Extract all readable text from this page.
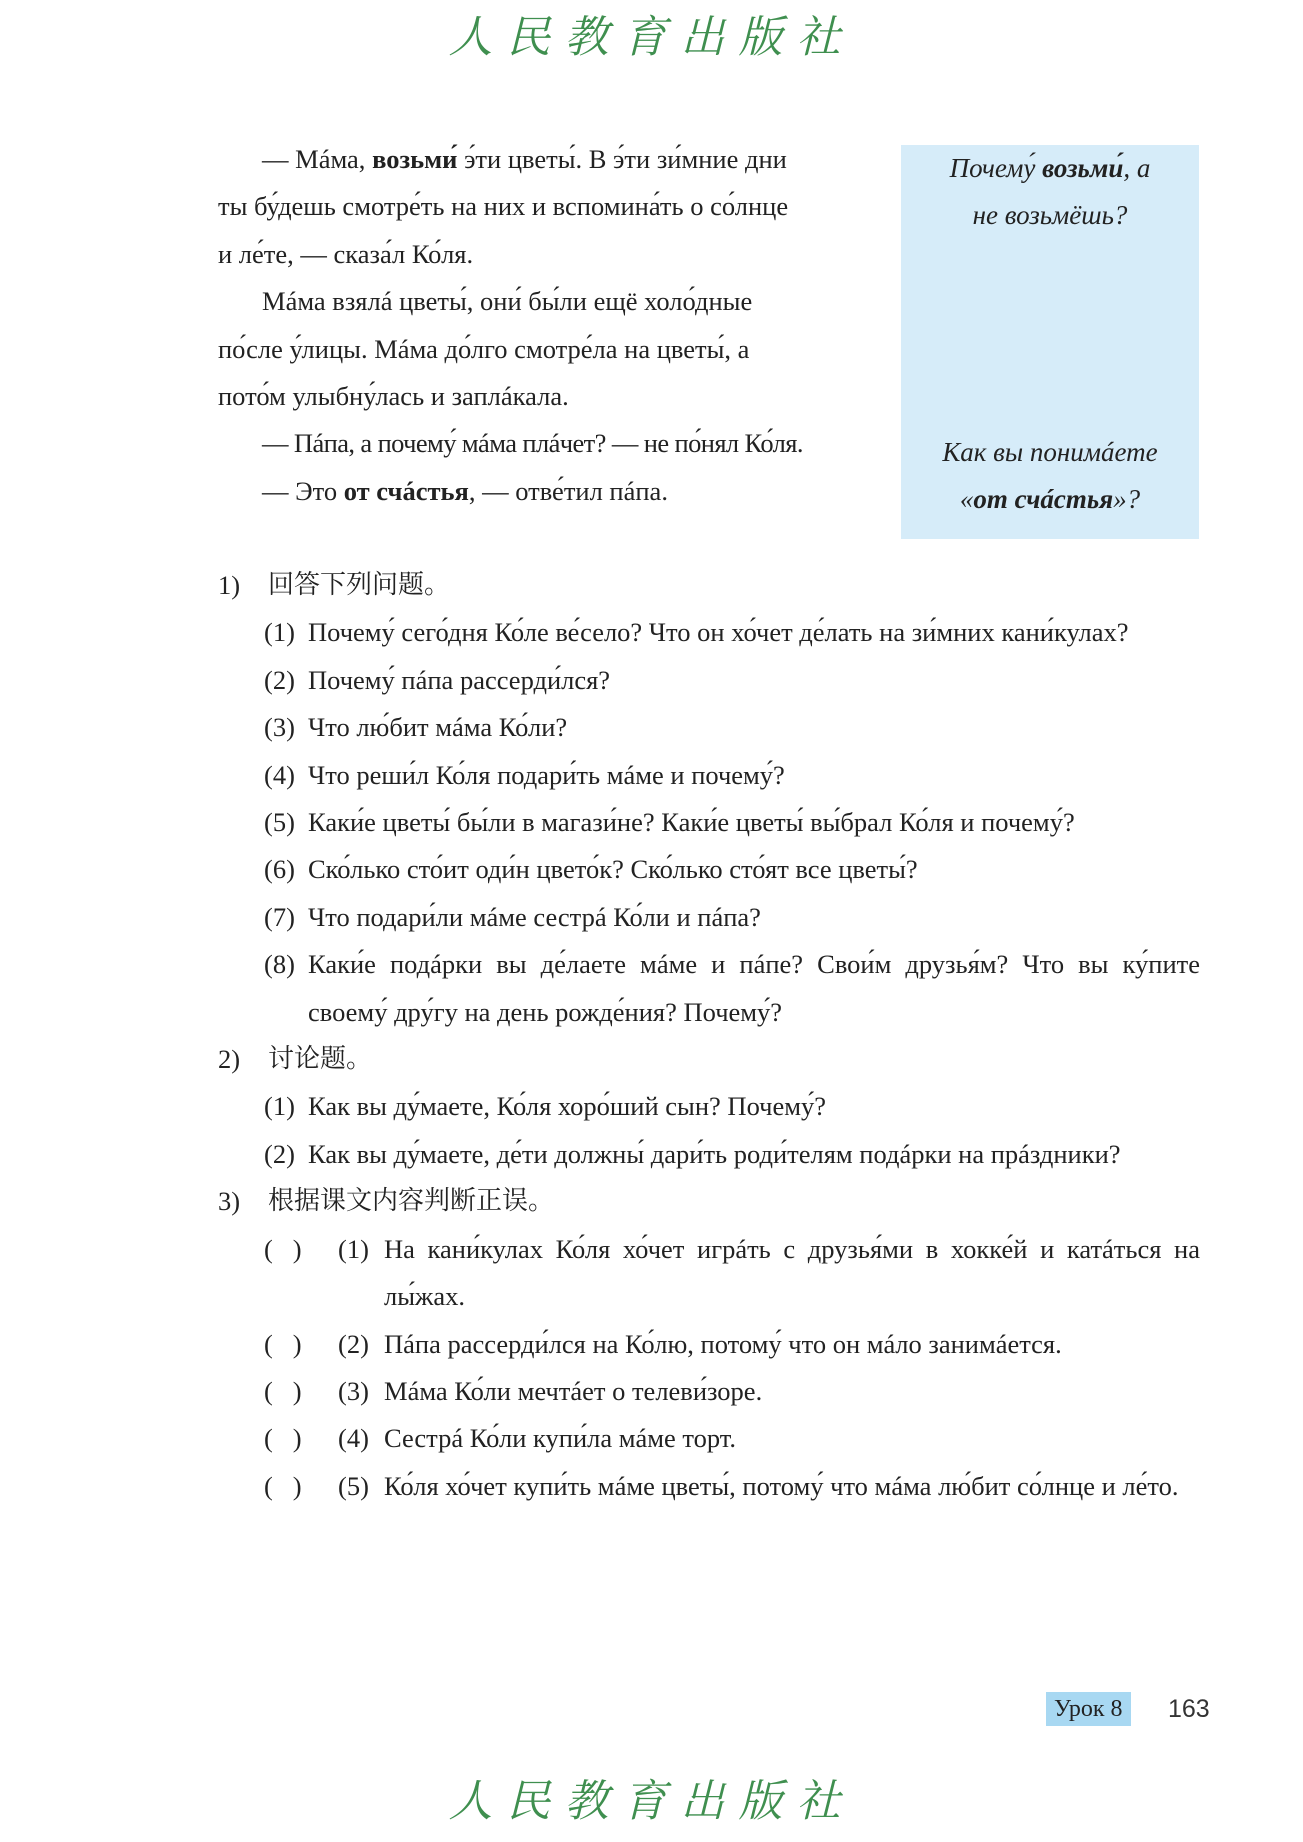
人民教育出版社
— Мáма, возьми́ э́ти цветы́. В э́ти зи́мние дни
ты бу́дешь смотре́ть на них и вспомина́ть о со́лнце
и ле́те, — сказа́л Ко́ля.
Мáма взялá цветы́, они́ бы́ли ещё холо́дные
по́сле у́лицы. Мáма до́лго смотре́ла на цветы́, а
пото́м улыбну́лась и заплáкала.
— Пáпа, а почему́ мáма плáчет? — не по́нял Ко́ля.
— Это от счáстья, — отве́тил пáпа.
Почему́ возьми́, а
не возьмёшь?
Как вы понимáете
«от счáстья»?
1)	回答下列问题。
(1) Почему́ сего́дня Ко́ле ве́село? Что он хо́чет де́лать на зи́мних кани́кулах?
(2) Почему́ пáпа рассерди́лся?
(3) Что лю́бит мáма Ко́ли?
(4) Что реши́л Ко́ля подари́ть мáме и почему́?
(5) Каки́е цветы́ бы́ли в магази́не? Каки́е цветы́ вы́брал Ко́ля и почему́?
(6) Ско́лько сто́ит оди́н цвето́к? Ско́лько сто́ят все цветы́?
(7) Что подари́ли мáме сестрá Ко́ли и пáпа?
(8) Каки́е подáрки вы де́лаете мáме и пáпе? Свои́м друзья́м? Что вы ку́пите своему́ дру́гу на день рожде́ния? Почему́?
2)	讨论题。
(1) Как вы ду́маете, Ко́ля хоро́ший сын? Почему́?
(2) Как вы ду́маете, де́ти должны́ дари́ть роди́телям подáрки на прáздники?
3)	根据课文内容判断正误。
(   )	(1) На кани́кулах Ко́ля хо́чет игрáть с друзья́ми в хокке́й и катáться на лы́жах.
(   )	(2) Пáпа рассерди́лся на Ко́лю, потому́ что он мáло занимáется.
(   )	(3) Мáма Ко́ли мечтáет о телеви́зоре.
(   )	(4) Сестрá Ко́ли купи́ла мáме торт.
(   )	(5) Ко́ля хо́чет купи́ть мáме цветы́, потому́ что мáма лю́бит со́лнце и ле́то.
Урок 8	163
人民教育出版社
